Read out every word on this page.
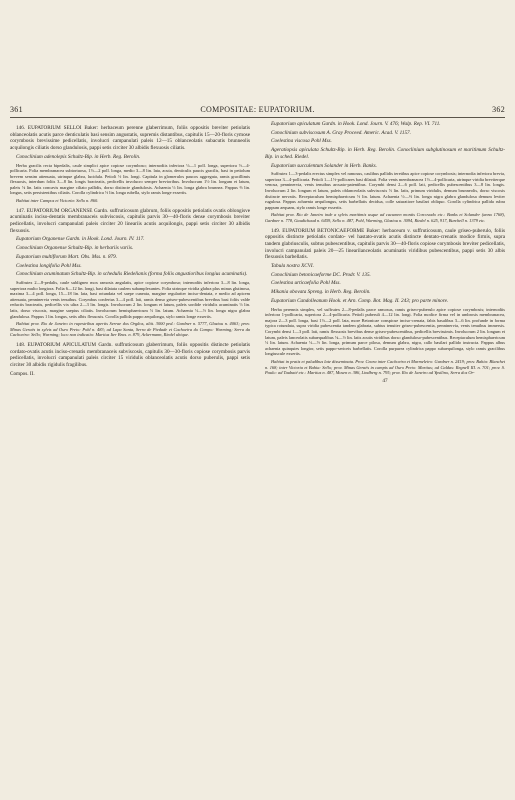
361	COMPOSITAE: EUPATORIUM.	362
146. EUPATORIUM SELLOI Baker: herbaceum perenne glaberrimum, foliis oppositis breviter petiolatis oblanceolatis acutis parce denticulatis basi sensim angustatis, supremis distantibus, capitulis 15—20-floris cymose corymbosis brevissime pedicellatis, involucri campanulati paleis 12—15 oblanceolatis subacutis brunneolis acquilongis ciliatis dorso glandulosis, pappi setis circiter 30 albidis flexuosis ciliatis.
Conoclinium adenolepis Schultz-Bip. in Herb. Reg. Berolin.
Herba gracilis recta bipedalis, caule simplici apice copiose corymboso; internodiis inferiora ⅓—1 poll. longa, superiora ½—4-pollicaria. Folia membranacea subtortuosa, 1½—2 poll. longa, medio 3—8 lin. lata, acuta, denticulis paucis gracilis, basi in petiolum brevem sensim attenuata, utrinque glabra, lucidula. Petioli ½ lin. longi. Capitula in glomerulos paucos aggregata, ramis gracillimis flexuosis, interdum foliis 3—8 lin. longis bracteatis, pedicellis involucro semper brevioribus. Involucrum 1½ lin. longum et latum, paleis ⅛ lin. latis concavis margine ciliato pallidis, dorso distincte glandulosis. Achaenia ⅓ lin. longa glabra brunnea. Pappus ⅔ lin. longus, setis persistentibus ciliatis. Corolla cylindrica ½ lin. longa rubella, stylo ramis longe exsertis.
Habitat inter Campos et Victoria: Sello n. 860.
147. EUPATORIUM ORGANENSE Gardn. suffruticosum glabrum, foliis oppositis petiolatis ovatis oblongisve acuminatis inciso-dentatis membranaceis subviscosis, capitulis parvis 30—40-floris dense corymbosis breviter pedicellatis, involucri campanulati paleis circiter 20 lineariis acutis acquilongis, pappi setis circiter 30 albidis flexuosis.
Eupatorium Organense Gardn. in Hook. Lond. Journ. IV. 117.
Conoclinium Organense Schultz-Bip. in herbariis variis.
Eupatorium multiflorum Mart. Obs. Mss. n. 879.
Coelestina longifolia Pohl Mss.
Conoclinium acuminatum Schultz-Bip. in schedulis Riedelianis (forma foliis angustioribus longius acuminatis).
Suffrutex 2—8-pedalis, caule subligneo mox ramosis angulatis, apice copiose corymboso; internodiis inferiora 3—8 lin. longa, superiora multo longiora. Folia 6—12 lin. longi, basi dilatata caulem subamplexantes. Folia utrinque viridia glabra plus minus glutinosa, maxima 3—4 poll. longa, 15—18 lin. lata, basi rotundata vel saepe cuneata, margine regulariter inciso-dentata, e medio ad apicem attenuata, penninervia venis tenuibus. Corymbus confertus 3—4 poll. lati, ramis denso griseo-pubescentibus brevibus basi foliis valde reductis bracteatis, pedicellis vix ultra 2—3 lin. longis. Involucrum 2 lin. longum et latum, paleis sordide viridulis acuminatis ⅓ lin. latis, dorso viscosis, margine saepius ciliatis. Involucrum hemisphaericum ⅓ lin. latum. Achaenia ⅓—½ lin. longa nigra glabra glandulosa. Pappus 1 lin. longus, setis albis flexuosis. Corolla pallida pappo aequilonga, stylo ramis longe exsertis.
Habitat prov. Rio de Janeiro in rupestribus apertis Serrae dos Orgãos, altit. 3000 ped.: Gardner n. 5777, Glaziou n. 4063; prov. Minas Geraës in sylvis ad Ouro Preto: Pohl n. 483; ad Lapa Santa, Serra de Piedade et Cachoeira do Campo: Warming; Serra da Cachoeira: Sello; Warming; loco non indicatio: Martius Iter Bras. n. 879, Ackermann, Riedel ubique.
148. EUPATORIUM APICULATUM Gardn. suffruticosum glaberrimum, foliis oppositis distincte petiolatis cordato-ovatis acutis inciso-crenatis membranaceis subviscosis, capitulis 30—30-floris copiose corymbosis parvis pedicellatis, involucri campanulati paleis circiter 15 viridulis oblanceolatis acutis dorso puberulis, pappi setis circiter 30 albidis rigidulis fragilibus.
Compos. II.
Eupatorium apiculatum Gardn. in Hook. Lond. Journ. V. 476; Walp. Rep. VI. 711.
Conoclinium subviscosum A. Gray Proceed. Americ. Acad. V. 1157.
Coelestina viscosa Pohl Mss.
Ageratiopsis apiculata Schultz-Bip. in Herb. Reg. Berolin. Conoclinium subglutinosum et maritimum Schultz-Bip. in sched. Riedel.
Eupatorium succulentum Solander in Herb. Banks.
Suffrutex 1—3-pedalis erectus simplex vel ramosus, caulibus pallidis teretibus apice copiose corymbosis; internodia inferiora brevia, superiora 3—4-pollicaria. Petioli 1—1½-pollicares basi dilatati. Folia venis membranacea 1½—4-pollicaria, utrinque viridia breviterque venosa, penninervia, venis tenuibus arcuato-patentibus. Corymbi densi 2—6 poll. lati, pedicellis pubescentibus 3—8 lin. longis. Involucrum 2 lin. longum et latum, paleis oblanceolatis subviscosis ⅓ lin. latis, primum viridulis, demum brunneolis, dorso viscosis distincte nervatis. Receptaculum hemisphaericum ½ lin. latum. Achaenia ½—⅔ lin. longa nigra glabra glandulosa demum leviter rugulosa. Pappus achaenia aequilongus, setis barbellatis decidua, colle saturatiore basilari obliquo. Corolla cylindrica pallida rubra pappum aequans, stylo ramis longe exsertis.
Habitat prov. Rio de Janeiro inde a sylvis maritimis usque ad cacumen montis Corcovado etc.: Banks et Solander (anno 1768), Gardner n. 778, Gaudichaud n. 6459, Sello n. 487, Pohl, Warming, Glaziou n. 3094, Riedel n. 625, 917, Burchell n. 1379 etc.
149. EUPATORIUM BETONICAEFORME Baker: herbaceum v. suffruticosum, caule griseo-puberulo, foliis oppositis distincte petiolatis cordato- vel hastato-ovatis acutis distincte dentato-crenatis modice firmis, supra tandem glabriusculis, subtus pubescentibus, capitulis parvis 30—40-floris copiose corymbosis breviter pedicellatis, involucri campanulati paleis 20—25 linearilanceolatis acuminatis viridibus pubescentibus, pappi setis 30 albis flexuosis barbellatis.
Tabula nostra XCVI.
Conoclinium betonicaeforme DC. Prodr. V. 135.
Coelestina urticaefolia Pohl Mss.
Mikania obovata Spreng. in Herb. Reg. Berolin.
Eupatorium Candolleanum Hook. et Arn. Comp. Bot. Mag. II. 243; pro parte minore.
Herba perennis simplex, vel suffrutex 2—8-pedalis parce ramosus, ramis griseo-puberulo apice copiose corymbosis; internodiis inferiora 1-pollicaria, superiora 2—4-pollicaria. Petioli puberuli 4—12 lin. longi. Folia modice firma vel in umbrosis membranacea, majora 2—3 poll. longa, basi 1½—2 poll. lata, more Betonicae conspicue inciso-crenata, fabis basalibus 3—6 lin. profunde in forma typica rotundata, supra viridia pubescentia tandem glabrata, subtus tenuiter griseo-pubescentia, penninervia, venis tenuibus immersis. Corymbi densi 1—3 poll. lati, ramis flexuosis brevibus dense griseo-pubescentibus, pedicellis brevissimis. Involucrum 2 lin. longum et latum, paleis lanceolatis subaequalibus ⅛—½ lin. latis acutis viridibus dorso glanduloso-pubescentibus. Receptaculum hemisphaericum ⅓ lin. latum. Achaenia ⅓—½ lin. longa, primum parce pilosa, demum glabra, nigra, callo basilari pallido instructa. Pappus albus achaenia quinquies longior, setis pappo-sericeis barbellatis. Corolla purpurea cylindrica pappo subaequilonga, stylo ramis gracilibus longiuscule exsertis.
Habitat in pratis et paludibus late disseminata. Prov. Ceara inter Cachoeira et Marmeleiro: Gardner n. 2419; prov. Bahia: Blanchet n. 168; inter Victoria et Bahia: Sello; prov. Minas Geraës in campis ad Ouro Preto: Martius; ad Caldas: Regnell III. n. 701; prov. S. Paulo: ad Taubaté etc.: Martius n. 487, Mosen n. 386, Lindberg n. 795; prov. Rio de Janeiro ad Ypsilino, Serra dos Or-
47
